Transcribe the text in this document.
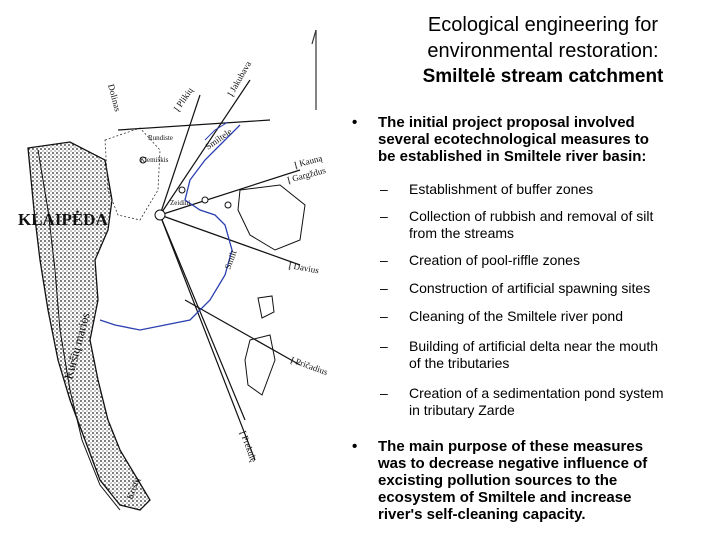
KLAIPĖDA
Dolinas	Į Plikių
Į Jakubava
Smiltele
Į Kauną
Į Gargždus
Į Davius
Į Pričadius
Į Prekulę
Kuršių marios
Kristų
Smilt
Zeidini
Klemiškis
Rundiste
Ecological engineering for
environmental restoration:
Smiltelė stream catchment
• The initial project proposal involved
several ecotechnological measures to
be established in Smiltele river basin:
– Establishment of buffer zones
– Collection of rubbish and removal of silt
from the streams
– Creation of pool-riffle zones
– Construction of artificial spawning sites
– Cleaning of the Smiltele river pond
– Building of artificial delta near the mouth
of the tributaries
– Creation of a sedimentation pond system
in tributary Zarde
• The main purpose of these measures
was to decrease negative influence of
excisting pollution sources to the
ecosystem of Smiltele and increase
river's self-cleaning capacity.
